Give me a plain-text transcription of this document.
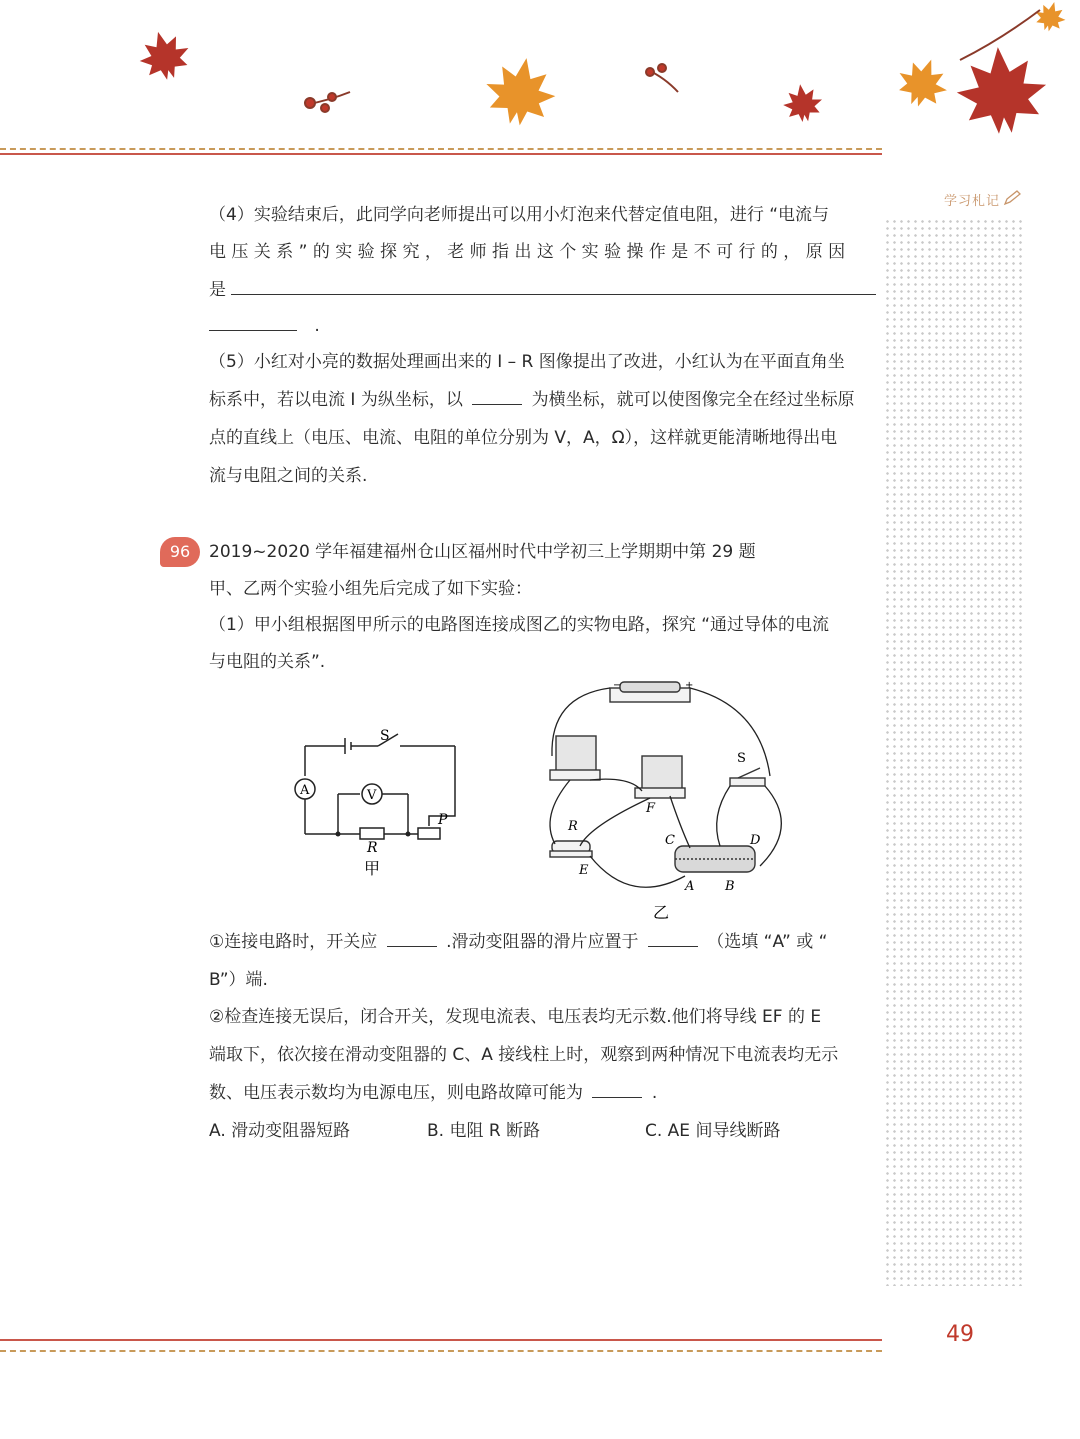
学习札记
（4）实验结束后，此同学向老师提出可以用小灯泡来代替定值电阻，进行 “电流与
电 压 关 系 ” 的 实 验 探 究 ， 老 师 指 出 这 个 实 验 操 作 是 不 可 行 的 ， 原 因
是
.
（5）小红对小亮的数据处理画出来的 I – R 图像提出了改进，小红认为在平面直角坐
标系中，若以电流 I 为纵坐标，以	为横坐标，就可以使图像完全在经过坐标原
点的直线上（电压、电流、电阻的单位分别为 V，A，Ω），这样就更能清晰地得出电
流与电阻之间的关系.
96	2019~2020 学年福建福州仓山区福州时代中学初三上学期期中第 29 题
甲、乙两个实验小组先后完成了如下实验：
（1）甲小组根据图甲所示的电路图连接成图乙的实物电路，探究 “通过导体的电流
与电阻的关系”.
S
A	V
R
P
甲
+
−
S
F
R
E
C	D
A B
乙
①连接电路时，开关应	.滑动变阻器的滑片应置于	（选填 “A” 或 “
B”）端.
②检查连接无误后，闭合开关，发现电流表、电压表均无示数.他们将导线 EF 的 E
端取下，依次接在滑动变阻器的 C、A 接线柱上时，观察到两种情况下电流表均无示
数、电压表示数均为电源电压，则电路故障可能为	.
A. 滑动变阻器短路	B. 电阻 R 断路	C. AE 间导线断路
49
